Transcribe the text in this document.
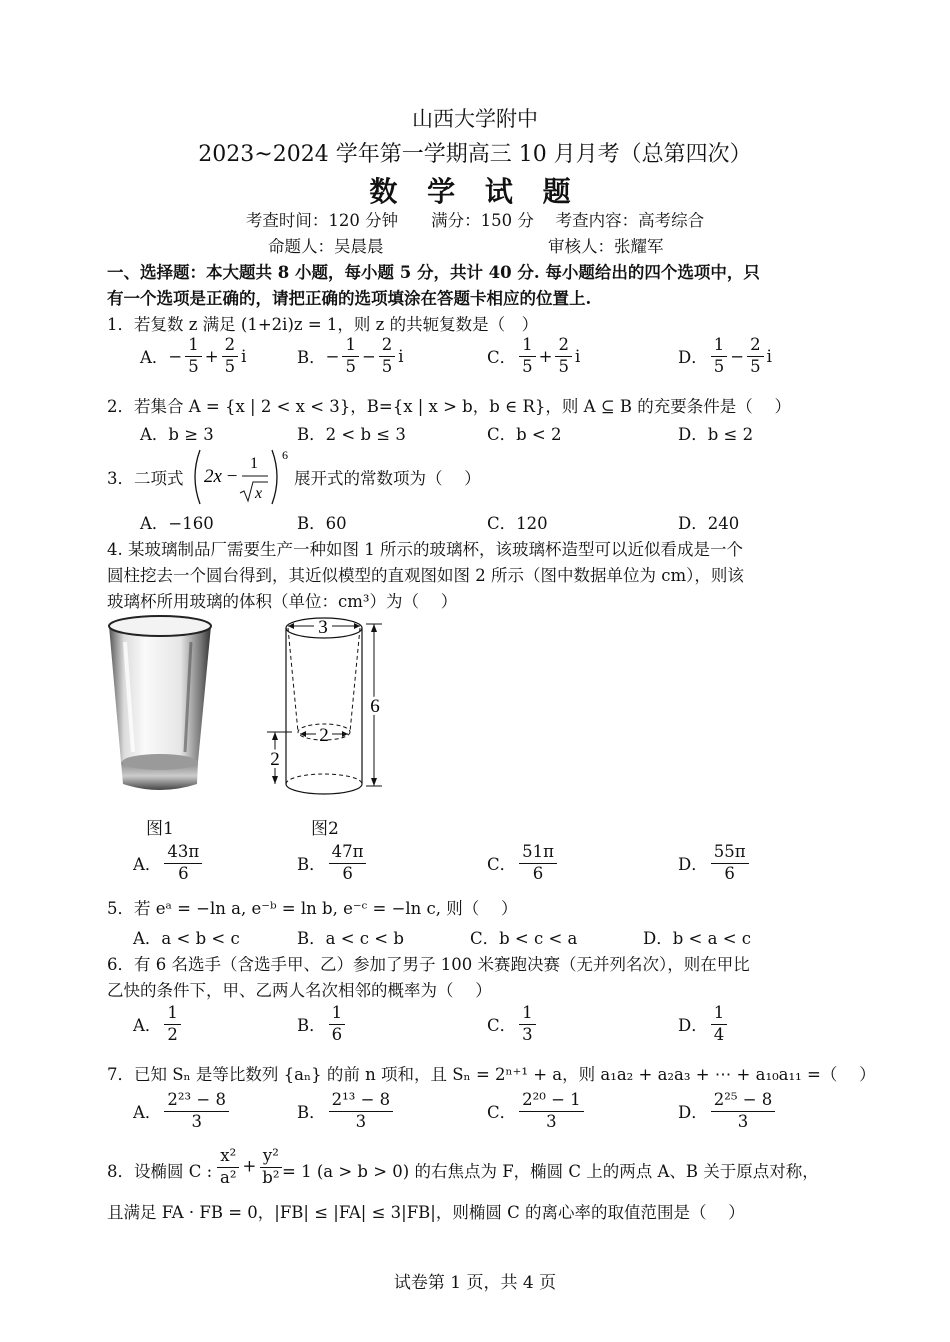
山西大学附中
2023~2024 学年第一学期高三 10 月月考（总第四次）
数 学 试 题
考查时间：120 分钟　　满分：150 分　 考查内容：高考综合
命题人：吴晨晨	审核人：张耀军
一、选择题：本大题共 8 小题，每小题 5 分，共计 40 分. 每小题给出的四个选项中，只
有一个选项是正确的，请把正确的选项填涂在答题卡相应的位置上.
1．若复数 z 满足 (1+2i)z = 1，则 z 的共轭复数是（　）
A． − $\frac{1}{5} + \frac{2}{5}$ i	B． − $\frac{1}{5} - \frac{2}{5}$ i	C． $\frac{1}{5} + \frac{2}{5}$ i	D． $\frac{1}{5} - \frac{2}{5}$ i
2．若集合 A = {x | 2 < x < 3}，B={x | x > b，b ∈ R}，则 A ⊆ B 的充要条件是（　 ）
A．b ≥ 3	B．2 < b ≤ 3	C．b < 2	D．b ≤ 2
3．二项式 2x −
1
x
6
展开式的常数项为（　 ）
A．−160	B．60	C．120	D．240
4. 某玻璃制品厂需要生产一种如图 1 所示的玻璃杯，该玻璃杯造型可以近似看成是一个
圆柱挖去一个圆台得到，其近似模型的直观图如图 2 所示（图中数据单位为 cm），则该
玻璃杯所用玻璃的体积（单位：cm³）为（　 ）
图1
3
2
6
2
图2
A． $\frac{43\pi}{6}$	B． $\frac{47\pi}{6}$	C． $\frac{51\pi}{6}$	D． $\frac{55\pi}{6}$
5．若 eᵃ = −ln a, e⁻ᵇ = ln b, e⁻ᶜ = −ln c, 则（　 ）
A．a < b < c	B．a < c < b	C．b < c < a	D．b < a < c
6．有 6 名选手（含选手甲、乙）参加了男子 100 米赛跑决赛（无并列名次），则在甲比
乙快的条件下，甲、乙两人名次相邻的概率为（　 ）
A． $\frac{1}{2}$	B． $\frac{1}{6}$	C． $\frac{1}{3}$	D． $\frac{1}{4}$
7．已知 Sₙ 是等比数列 {aₙ} 的前 n 项和，且 Sₙ = 2ⁿ⁺¹ + a，则 a₁a₂ + a₂a₃ + ⋯ + a₁₀a₁₁ =（　 ）
A． $\frac{\text{2²³ − 8}}{3}$	B． $\frac{\text{2¹³ − 8}}{3}$	C． $\frac{\text{2²⁰ − 1}}{3}$	D． $\frac{\text{2²⁵ − 8}}{3}$
8．设椭圆 C : $\frac{\text{x²}}{\text{a²}} + \frac{\text{y²}}{\text{b²}} = 1$ (a > b > 0) 的右焦点为 F，椭圆 C 上的两点 A、B 关于原点对称，
且满足 FA · FB = 0，|FB| ≤ |FA| ≤ 3|FB|，则椭圆 C 的离心率的取值范围是（　 ）
试卷第 1 页，共 4 页
